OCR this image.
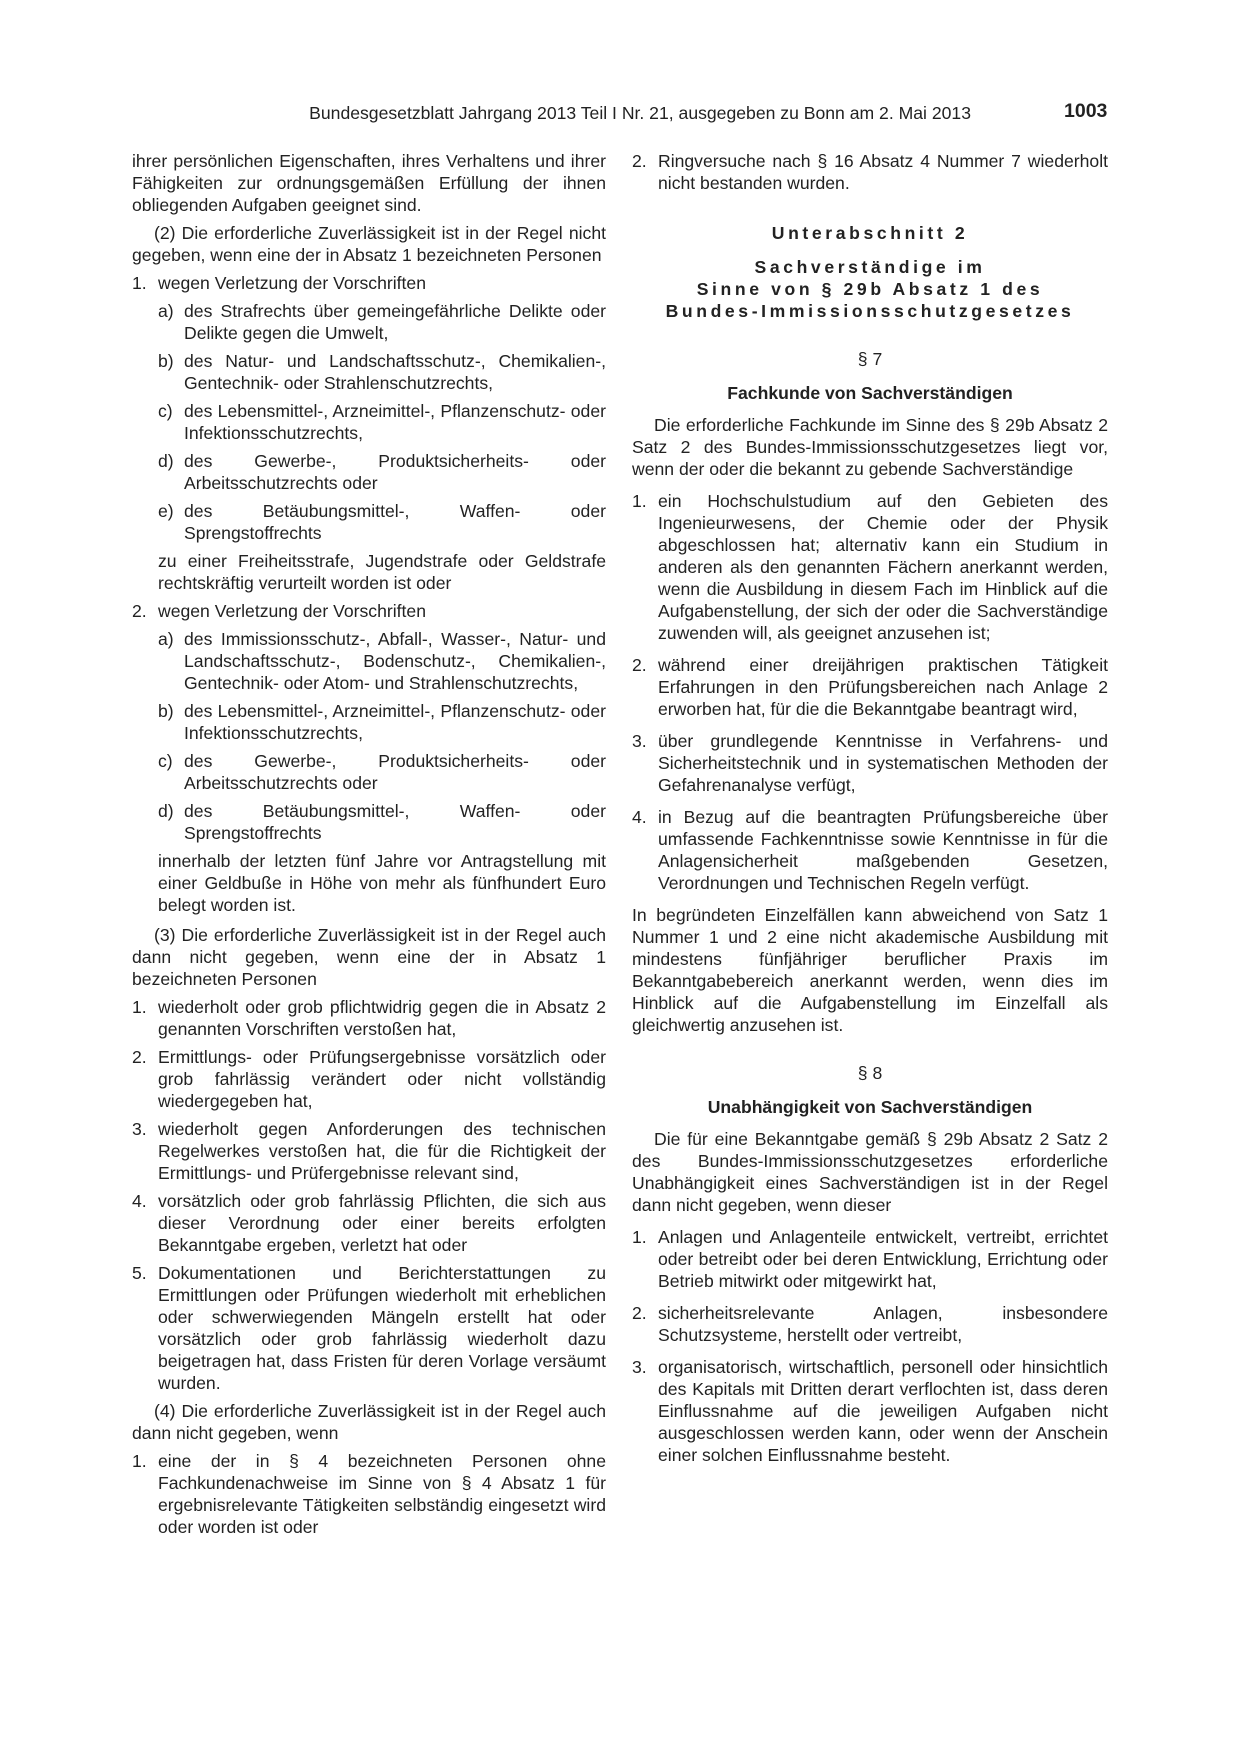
Bundesgesetzblatt Jahrgang 2013 Teil I Nr. 21, ausgegeben zu Bonn am 2. Mai 2013	1003

ihrer persönlichen Eigenschaften, ihres Verhaltens und ihrer Fähigkeiten zur ordnungsgemäßen Erfüllung der ihnen obliegenden Aufgaben geeignet sind.

(2) Die erforderliche Zuverlässigkeit ist in der Regel nicht gegeben, wenn eine der in Absatz 1 bezeichneten Personen

1. wegen Verletzung der Vorschriften
a) des Strafrechts über gemeingefährliche Delikte oder Delikte gegen die Umwelt,
b) des Natur- und Landschaftsschutz-, Chemikalien-, Gentechnik- oder Strahlenschutzrechts,
c) des Lebensmittel-, Arzneimittel-, Pflanzenschutz- oder Infektionsschutzrechts,
d) des Gewerbe-, Produktsicherheits- oder Arbeitsschutzrechts oder
e) des Betäubungsmittel-, Waffen- oder Sprengstoffrechts

zu einer Freiheitsstrafe, Jugendstrafe oder Geldstrafe rechtskräftig verurteilt worden ist oder

2. wegen Verletzung der Vorschriften
a) des Immissionsschutz-, Abfall-, Wasser-, Natur- und Landschaftsschutz-, Bodenschutz-, Chemikalien-, Gentechnik- oder Atom- und Strahlenschutzrechts,
b) des Lebensmittel-, Arzneimittel-, Pflanzenschutz- oder Infektionsschutzrechts,
c) des Gewerbe-, Produktsicherheits- oder Arbeitsschutzrechts oder
d) des Betäubungsmittel-, Waffen- oder Sprengstoffrechts

innerhalb der letzten fünf Jahre vor Antragstellung mit einer Geldbuße in Höhe von mehr als fünfhundert Euro belegt worden ist.

(3) Die erforderliche Zuverlässigkeit ist in der Regel auch dann nicht gegeben, wenn eine der in Absatz 1 bezeichneten Personen

1. wiederholt oder grob pflichtwidrig gegen die in Absatz 2 genannten Vorschriften verstoßen hat,
2. Ermittlungs- oder Prüfungsergebnisse vorsätzlich oder grob fahrlässig verändert oder nicht vollständig wiedergegeben hat,
3. wiederholt gegen Anforderungen des technischen Regelwerkes verstoßen hat, die für die Richtigkeit der Ermittlungs- und Prüfergebnisse relevant sind,
4. vorsätzlich oder grob fahrlässig Pflichten, die sich aus dieser Verordnung oder einer bereits erfolgten Bekanntgabe ergeben, verletzt hat oder
5. Dokumentationen und Berichterstattungen zu Ermittlungen oder Prüfungen wiederholt mit erheblichen oder schwerwiegenden Mängeln erstellt hat oder vorsätzlich oder grob fahrlässig wiederholt dazu beigetragen hat, dass Fristen für deren Vorlage versäumt wurden.

(4) Die erforderliche Zuverlässigkeit ist in der Regel auch dann nicht gegeben, wenn

1. eine der in § 4 bezeichneten Personen ohne Fachkundenachweise im Sinne von § 4 Absatz 1 für ergebnisrelevante Tätigkeiten selbständig eingesetzt wird oder worden ist oder
2. Ringversuche nach § 16 Absatz 4 Nummer 7 wiederholt nicht bestanden wurden.
Unterabschnitt 2
Sachverständige im
Sinne von § 29b Absatz 1 des
Bundes-Immissionsschutzgesetzes
§ 7
Fachkunde von Sachverständigen

Die erforderliche Fachkunde im Sinne des § 29b Absatz 2 Satz 2 des Bundes-Immissionsschutzgesetzes liegt vor, wenn der oder die bekannt zu gebende Sachverständige

1. ein Hochschulstudium auf den Gebieten des Ingenieurwesens, der Chemie oder der Physik abgeschlossen hat; alternativ kann ein Studium in anderen als den genannten Fächern anerkannt werden, wenn die Ausbildung in diesem Fach im Hinblick auf die Aufgabenstellung, der sich der oder die Sachverständige zuwenden will, als geeignet anzusehen ist;
2. während einer dreijährigen praktischen Tätigkeit Erfahrungen in den Prüfungsbereichen nach Anlage 2 erworben hat, für die die Bekanntgabe beantragt wird,
3. über grundlegende Kenntnisse in Verfahrens- und Sicherheitstechnik und in systematischen Methoden der Gefahrenanalyse verfügt,
4. in Bezug auf die beantragten Prüfungsbereiche über umfassende Fachkenntnisse sowie Kenntnisse in für die Anlagensicherheit maßgebenden Gesetzen, Verordnungen und Technischen Regeln verfügt.

In begründeten Einzelfällen kann abweichend von Satz 1 Nummer 1 und 2 eine nicht akademische Ausbildung mit mindestens fünfjähriger beruflicher Praxis im Bekanntgabebereich anerkannt werden, wenn dies im Hinblick auf die Aufgabenstellung im Einzelfall als gleichwertig anzusehen ist.

§ 8
Unabhängigkeit von Sachverständigen

Die für eine Bekanntgabe gemäß § 29b Absatz 2 Satz 2 des Bundes-Immissionsschutzgesetzes erforderliche Unabhängigkeit eines Sachverständigen ist in der Regel dann nicht gegeben, wenn dieser

1. Anlagen und Anlagenteile entwickelt, vertreibt, errichtet oder betreibt oder bei deren Entwicklung, Errichtung oder Betrieb mitwirkt oder mitgewirkt hat,
2. sicherheitsrelevante Anlagen, insbesondere Schutzsysteme, herstellt oder vertreibt,
3. organisatorisch, wirtschaftlich, personell oder hinsichtlich des Kapitals mit Dritten derart verflochten ist, dass deren Einflussnahme auf die jeweiligen Aufgaben nicht ausgeschlossen werden kann, oder wenn der Anschein einer solchen Einflussnahme besteht.
